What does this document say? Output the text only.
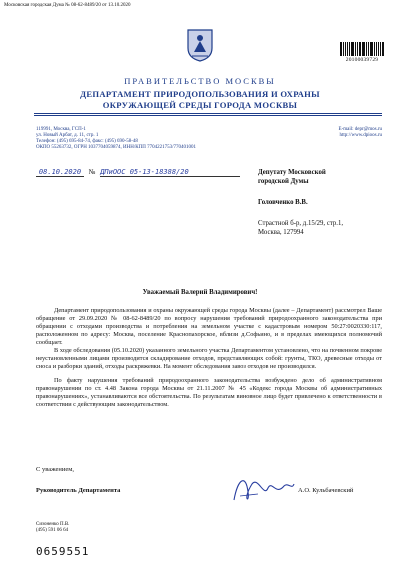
Московская городская Дума № 08-62-8489/20 от 13.10.2020
20100039729
ПРАВИТЕЛЬСТВО МОСКВЫ
ДЕПАРТАМЕНТ ПРИРОДОПОЛЬЗОВАНИЯ И ОХРАНЫ
ОКРУЖАЮЩЕЙ СРЕДЫ ГОРОДА МОСКВЫ
119991, Москва, ГСП-1
ул. Новый Арбат, д. 11, стр. 1
Телефон: (495) 695-84-74, факс: (495) 690-58-48
ОКПО 55263732, ОГРН 1037704059874, ИНН/КПП 7704221753/770401001
E-mail: depr@mos.ru
http://www.dpioos.ru
08.10.2020 № ДПиООС 05-13-18388/20	Депутату Московской
городской Думы
Головченко В.В.
Страстной б-р, д.15/29, стр.1,
Москва, 127994
Уважаемый Валерий Владимирович!

Департамент природопользования и охраны окружающей среды города Москвы (далее – Департамент) рассмотрел Ваше обращение от 29.09.2020 № 08-62-8489/20 по вопросу нарушения требований природоохранного законодательства при обращении с отходами производства и потребления на земельном участке с кадастровым номером 50:27:0020330:117, расположенном по адресу: Москва, поселение Краснопахорское, вблизи д.Софьино, и в пределах имеющихся полномочий сообщает.

В ходе обследования (05.10.2020) указанного земельного участка Департаментом установлено, что на почвенном покрове неустановленными лицами производится складирование отходов, представляющих собой: грунты, ТКО, древесные отходы от сноса и разборки зданий, отходы раскряжевки. На момент обследования завоз отходов не производился.

По факту нарушения требований природоохранного законодательства возбуждено дело об административном правонарушении по ст. 4.48 Закона города Москвы от 21.11.2007 № 45 «Кодекс города Москвы об административных правонарушениях», устанавливаются все обстоятельства. По результатам виновное лицо будет привлечено к ответственности в соответствии с действующим законодательством.

С уважением,
Руководитель Департамента	А.О. Кульбачевский
Сизоненко П.В.
(495) 591 06 64
0659551
